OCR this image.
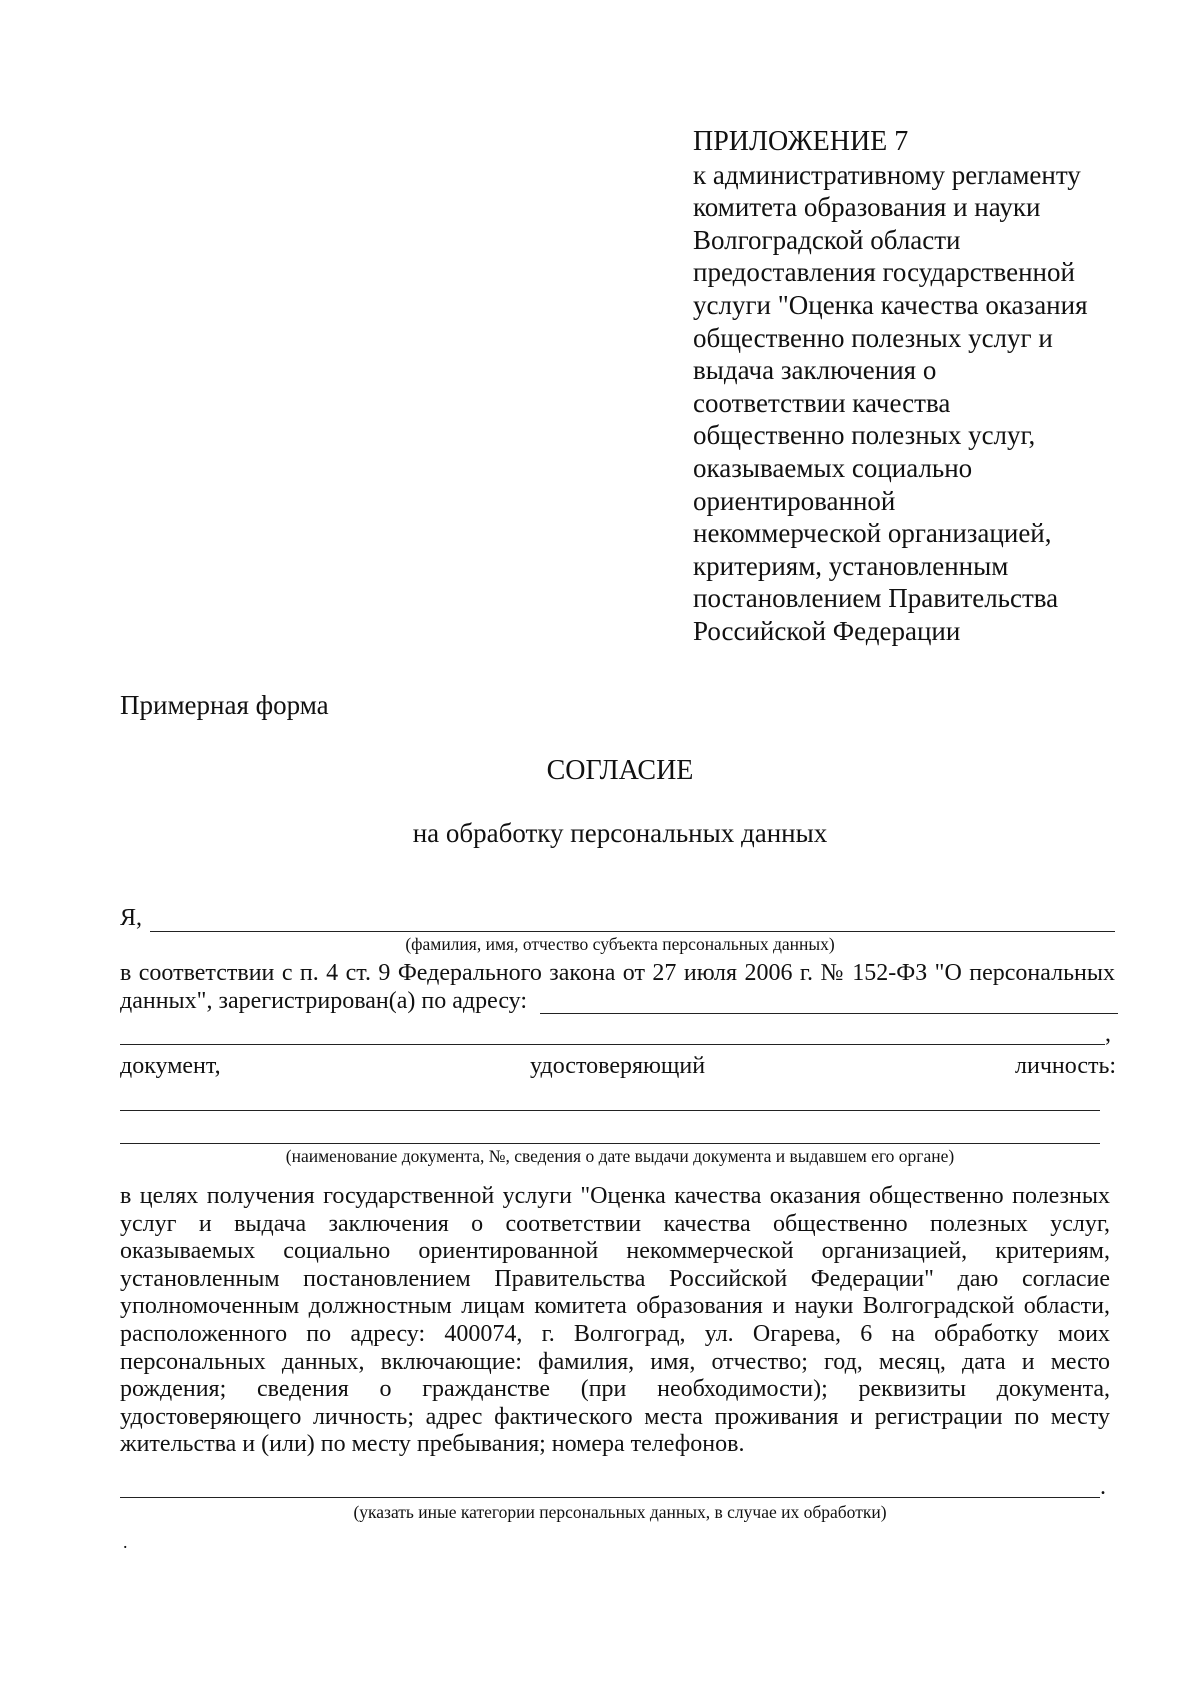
ПРИЛОЖЕНИЕ 7
к административному регламенту
комитета образования и науки
Волгоградской области
предоставления государственной
услуги "Оценка качества оказания
общественно полезных услуг и
выдача заключения о
соответствии качества
общественно полезных услуг,
оказываемых социально
ориентированной
некоммерческой организацией,
критериям, установленным
постановлением Правительства
Российской Федерации
Примерная форма
СОГЛАСИЕ
на обработку персональных данных
Я,
(фамилия, имя, отчество субъекта персональных данных)
в соответствии с п. 4 ст. 9 Федерального закона от 27 июля 2006 г. № 152-ФЗ "О персональных
данных", зарегистрирован(а) по адресу:
,
документ,	удостоверяющий	личность:
(наименование документа, №, сведения о дате выдачи документа и выдавшем его органе)
в целях получения государственной услуги "Оценка качества оказания общественно полезных
услуг и выдача заключения о соответствии качества общественно полезных услуг,
оказываемых социально ориентированной некоммерческой организацией, критериям,
установленным постановлением Правительства Российской Федерации" даю согласие
уполномоченным должностным лицам комитета образования и науки Волгоградской области,
расположенного по адресу: 400074, г. Волгоград, ул. Огарева, 6 на обработку моих
персональных данных, включающие: фамилия, имя, отчество; год, месяц, дата и место
рождения; сведения о гражданстве (при необходимости); реквизиты документа,
удостоверяющего личность; адрес фактического места проживания и регистрации по месту
жительства и (или) по месту пребывания; номера телефонов.
.
(указать иные категории персональных данных, в случае их обработки)
.
